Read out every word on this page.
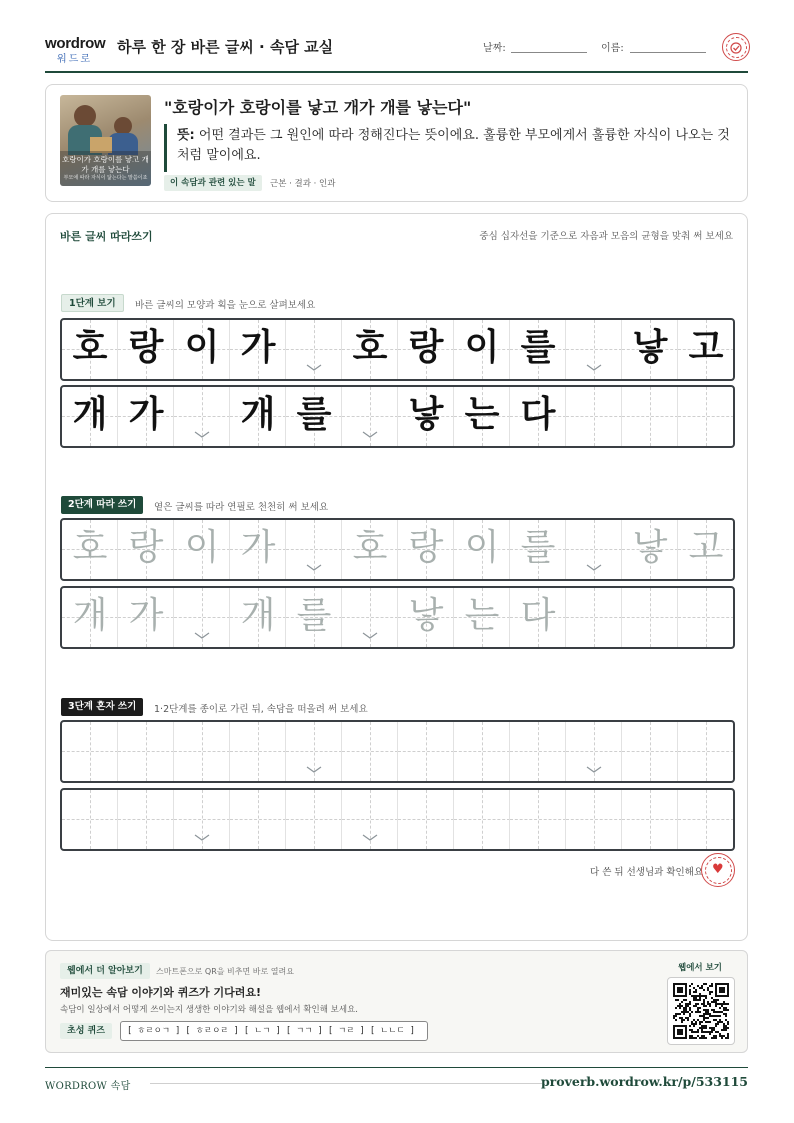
wordrow
워드로
하루 한 장 바른 글씨 · 속담 교실	날짜:	이름:
호랑이가 호랑이를 낳고 개가 개를 낳는다
부모에 따라 자식이 닮는다는 말씀이죠
"호랑이가 호랑이를 낳고 개가 개를 낳는다"
뜻: 어떤 결과든 그 원인에 따라 정해진다는 뜻이에요. 훌륭한 부모에게서 훌륭한 자식이 나오는 것처럼 말이에요.
이 속담과 관련 있는 말	근본 · 결과 · 인과
바른 글씨 따라쓰기	중심 십자선을 기준으로 자음과 모음의 균형을 맞춰 써 보세요
1단계 보기	바른 글씨의 모양과 획을 눈으로 살펴보세요
호 랑 이 가 호 랑 이 를 낳 고
개 가 개 를 낳 는 다
2단계 따라 쓰기	옅은 글씨를 따라 연필로 천천히 써 보세요
호 랑 이 가 호 랑 이 를 낳 고
개 가 개 를 낳 는 다
3단계 혼자 쓰기	1·2단계를 종이로 가린 뒤, 속담을 떠올려 써 보세요
다 쓴 뒤 선생님과 확인해요 ♥
웹에서 더 알아보기	스마트폰으로 QR을 비추면 바로 열려요
재미있는 속담 이야기와 퀴즈가 기다려요!
속담이 일상에서 어떻게 쓰이는지 생생한 이야기와 해설을 웹에서 확인해 보세요.
초성 퀴즈	[ ㅎㄹㅇㄱ ] [ ㅎㄹㅇㄹ ] [ ㄴㄱ ] [ ㄱㄱ ] [ ㄱㄹ ] [ ㄴㄴㄷ ]
웹에서 보기
WORDROW 속담	proverb.wordrow.kr/p/533115
